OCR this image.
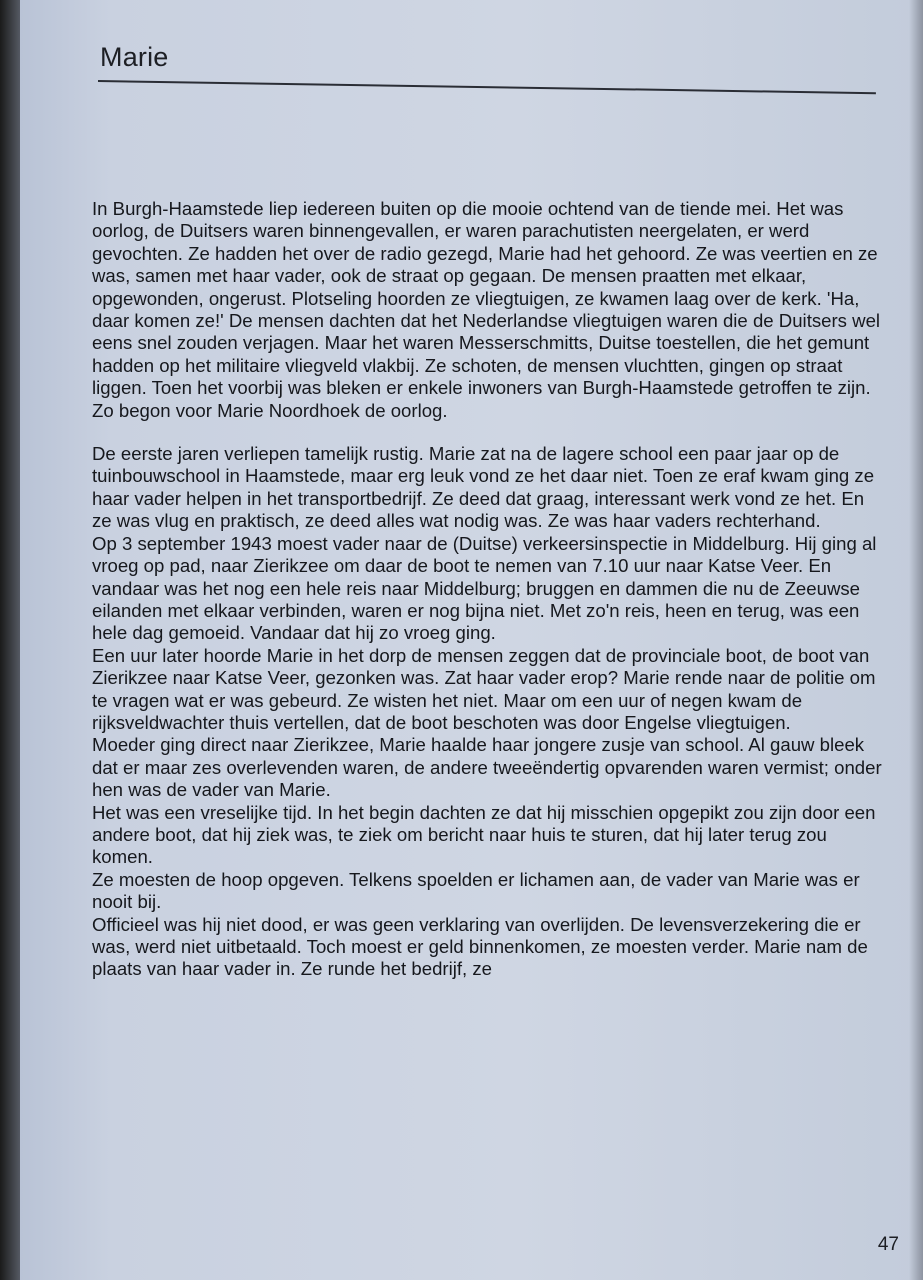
Marie

In Burgh-Haamstede liep iedereen buiten op die mooie ochtend van de tiende mei. Het was oorlog, de Duitsers waren binnengevallen, er waren parachutisten neergelaten, er werd gevochten. Ze hadden het over de radio gezegd, Marie had het gehoord. Ze was veertien en ze was, samen met haar vader, ook de straat op gegaan. De mensen praatten met elkaar, opgewonden, ongerust. Plotseling hoorden ze vliegtuigen, ze kwamen laag over de kerk. 'Ha, daar komen ze!' De mensen dachten dat het Nederlandse vliegtuigen waren die de Duitsers wel eens snel zouden verjagen. Maar het waren Messerschmitts, Duitse toestellen, die het gemunt hadden op het militaire vliegveld vlakbij. Ze schoten, de mensen vluchtten, gingen op straat liggen. Toen het voorbij was bleken er enkele inwoners van Burgh-Haamstede getroffen te zijn.

Zo begon voor Marie Noordhoek de oorlog.

De eerste jaren verliepen tamelijk rustig. Marie zat na de lagere school een paar jaar op de tuinbouwschool in Haamstede, maar erg leuk vond ze het daar niet. Toen ze eraf kwam ging ze haar vader helpen in het transportbedrijf. Ze deed dat graag, interessant werk vond ze het. En ze was vlug en praktisch, ze deed alles wat nodig was. Ze was haar vaders rechterhand.

Op 3 september 1943 moest vader naar de (Duitse) verkeersinspectie in Middelburg. Hij ging al vroeg op pad, naar Zierikzee om daar de boot te nemen van 7.10 uur naar Katse Veer. En vandaar was het nog een hele reis naar Middelburg; bruggen en dammen die nu de Zeeuwse eilanden met elkaar verbinden, waren er nog bijna niet. Met zo'n reis, heen en terug, was een hele dag gemoeid. Vandaar dat hij zo vroeg ging.

Een uur later hoorde Marie in het dorp de mensen zeggen dat de provinciale boot, de boot van Zierikzee naar Katse Veer, gezonken was. Zat haar vader erop? Marie rende naar de politie om te vragen wat er was gebeurd. Ze wisten het niet. Maar om een uur of negen kwam de rijksveldwachter thuis vertellen, dat de boot beschoten was door Engelse vliegtuigen.

Moeder ging direct naar Zierikzee, Marie haalde haar jongere zusje van school. Al gauw bleek dat er maar zes overlevenden waren, de andere tweeëndertig opvarenden waren vermist; onder hen was de vader van Marie.

Het was een vreselijke tijd. In het begin dachten ze dat hij misschien opgepikt zou zijn door een andere boot, dat hij ziek was, te ziek om bericht naar huis te sturen, dat hij later terug zou komen.

Ze moesten de hoop opgeven. Telkens spoelden er lichamen aan, de vader van Marie was er nooit bij.

Officieel was hij niet dood, er was geen verklaring van overlijden. De levensverzekering die er was, werd niet uitbetaald. Toch moest er geld binnenkomen, ze moesten verder. Marie nam de plaats van haar vader in. Ze runde het bedrijf, ze

47
